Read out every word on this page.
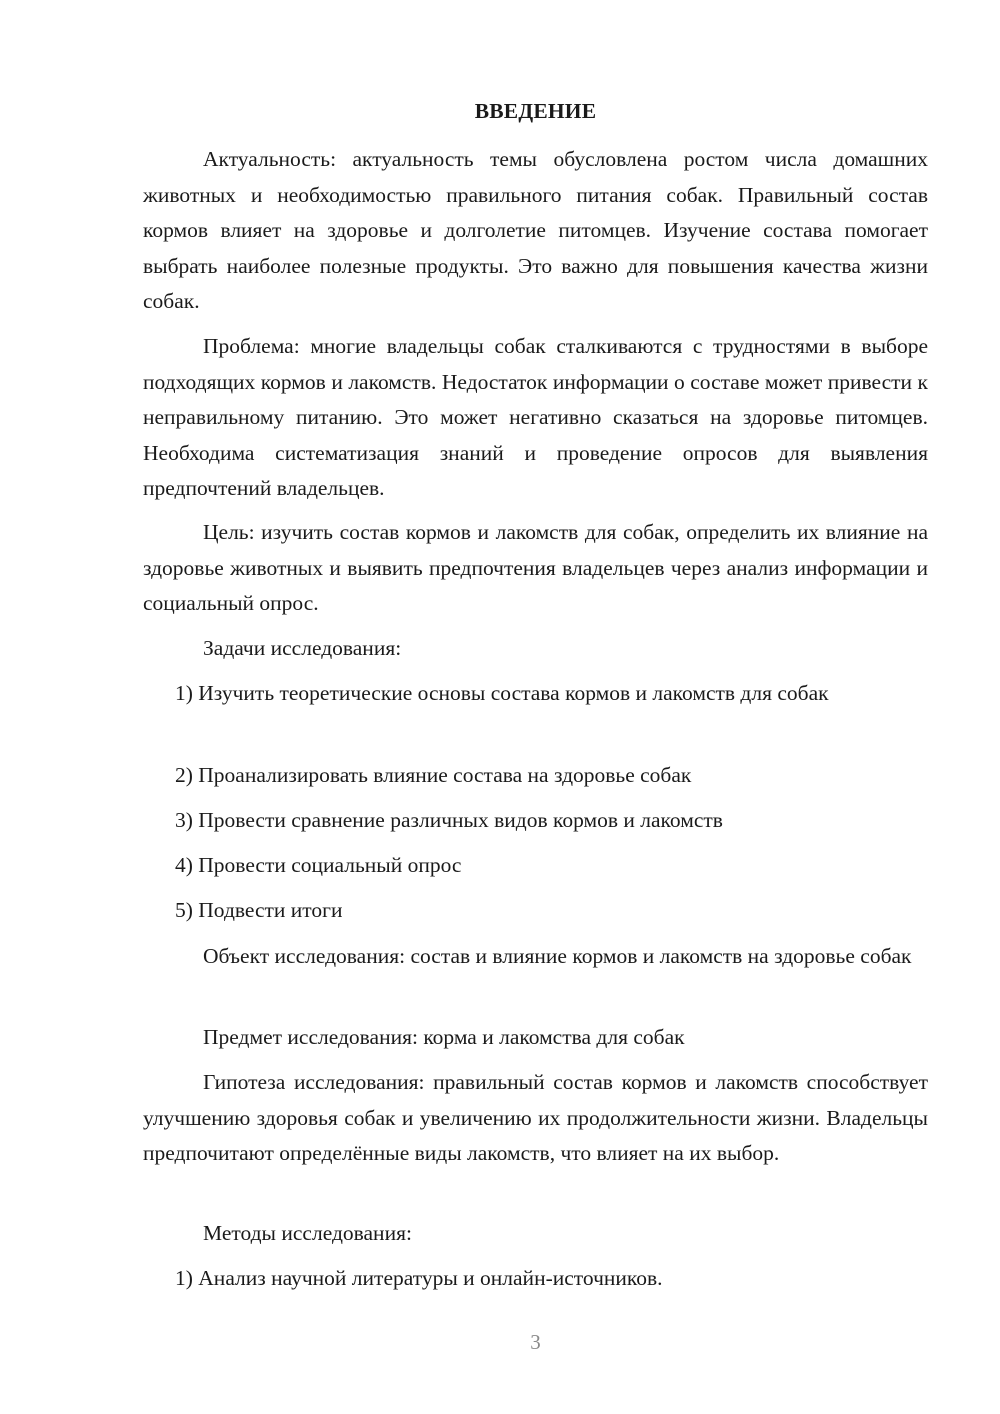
ВВЕДЕНИЕ

Актуальность: актуальность темы обусловлена ростом числа домашних животных и необходимостью правильного питания собак. Правильный состав кормов влияет на здоровье и долголетие питомцев. Изучение состава помогает выбрать наиболее полезные продукты. Это важно для повышения качества жизни собак.

Проблема: многие владельцы собак сталкиваются с трудностями в выборе подходящих кормов и лакомств. Недостаток информации о составе может привести к неправильному питанию. Это может негативно сказаться на здоровье питомцев. Необходима систематизация знаний и проведение опросов для выявления предпочтений владельцев.

Цель: изучить состав кормов и лакомств для собак, определить их влияние на здоровье животных и выявить предпочтения владельцев через анализ информации и социальный опрос.

Задачи исследования:

1) Изучить теоретические основы состава кормов и лакомств для собак

2) Проанализировать влияние состава на здоровье собак

3) Провести сравнение различных видов кормов и лакомств

4) Провести социальный опрос

5) Подвести итоги

Объект исследования: состав и влияние кормов и лакомств на здоровье собак

Предмет исследования: корма и лакомства для собак

Гипотеза исследования: правильный состав кормов и лакомств способствует улучшению здоровья собак и увеличению их продолжительности жизни. Владельцы предпочитают определённые виды лакомств, что влияет на их выбор.

Методы исследования:

1) Анализ научной литературы и онлайн-источников.

3
